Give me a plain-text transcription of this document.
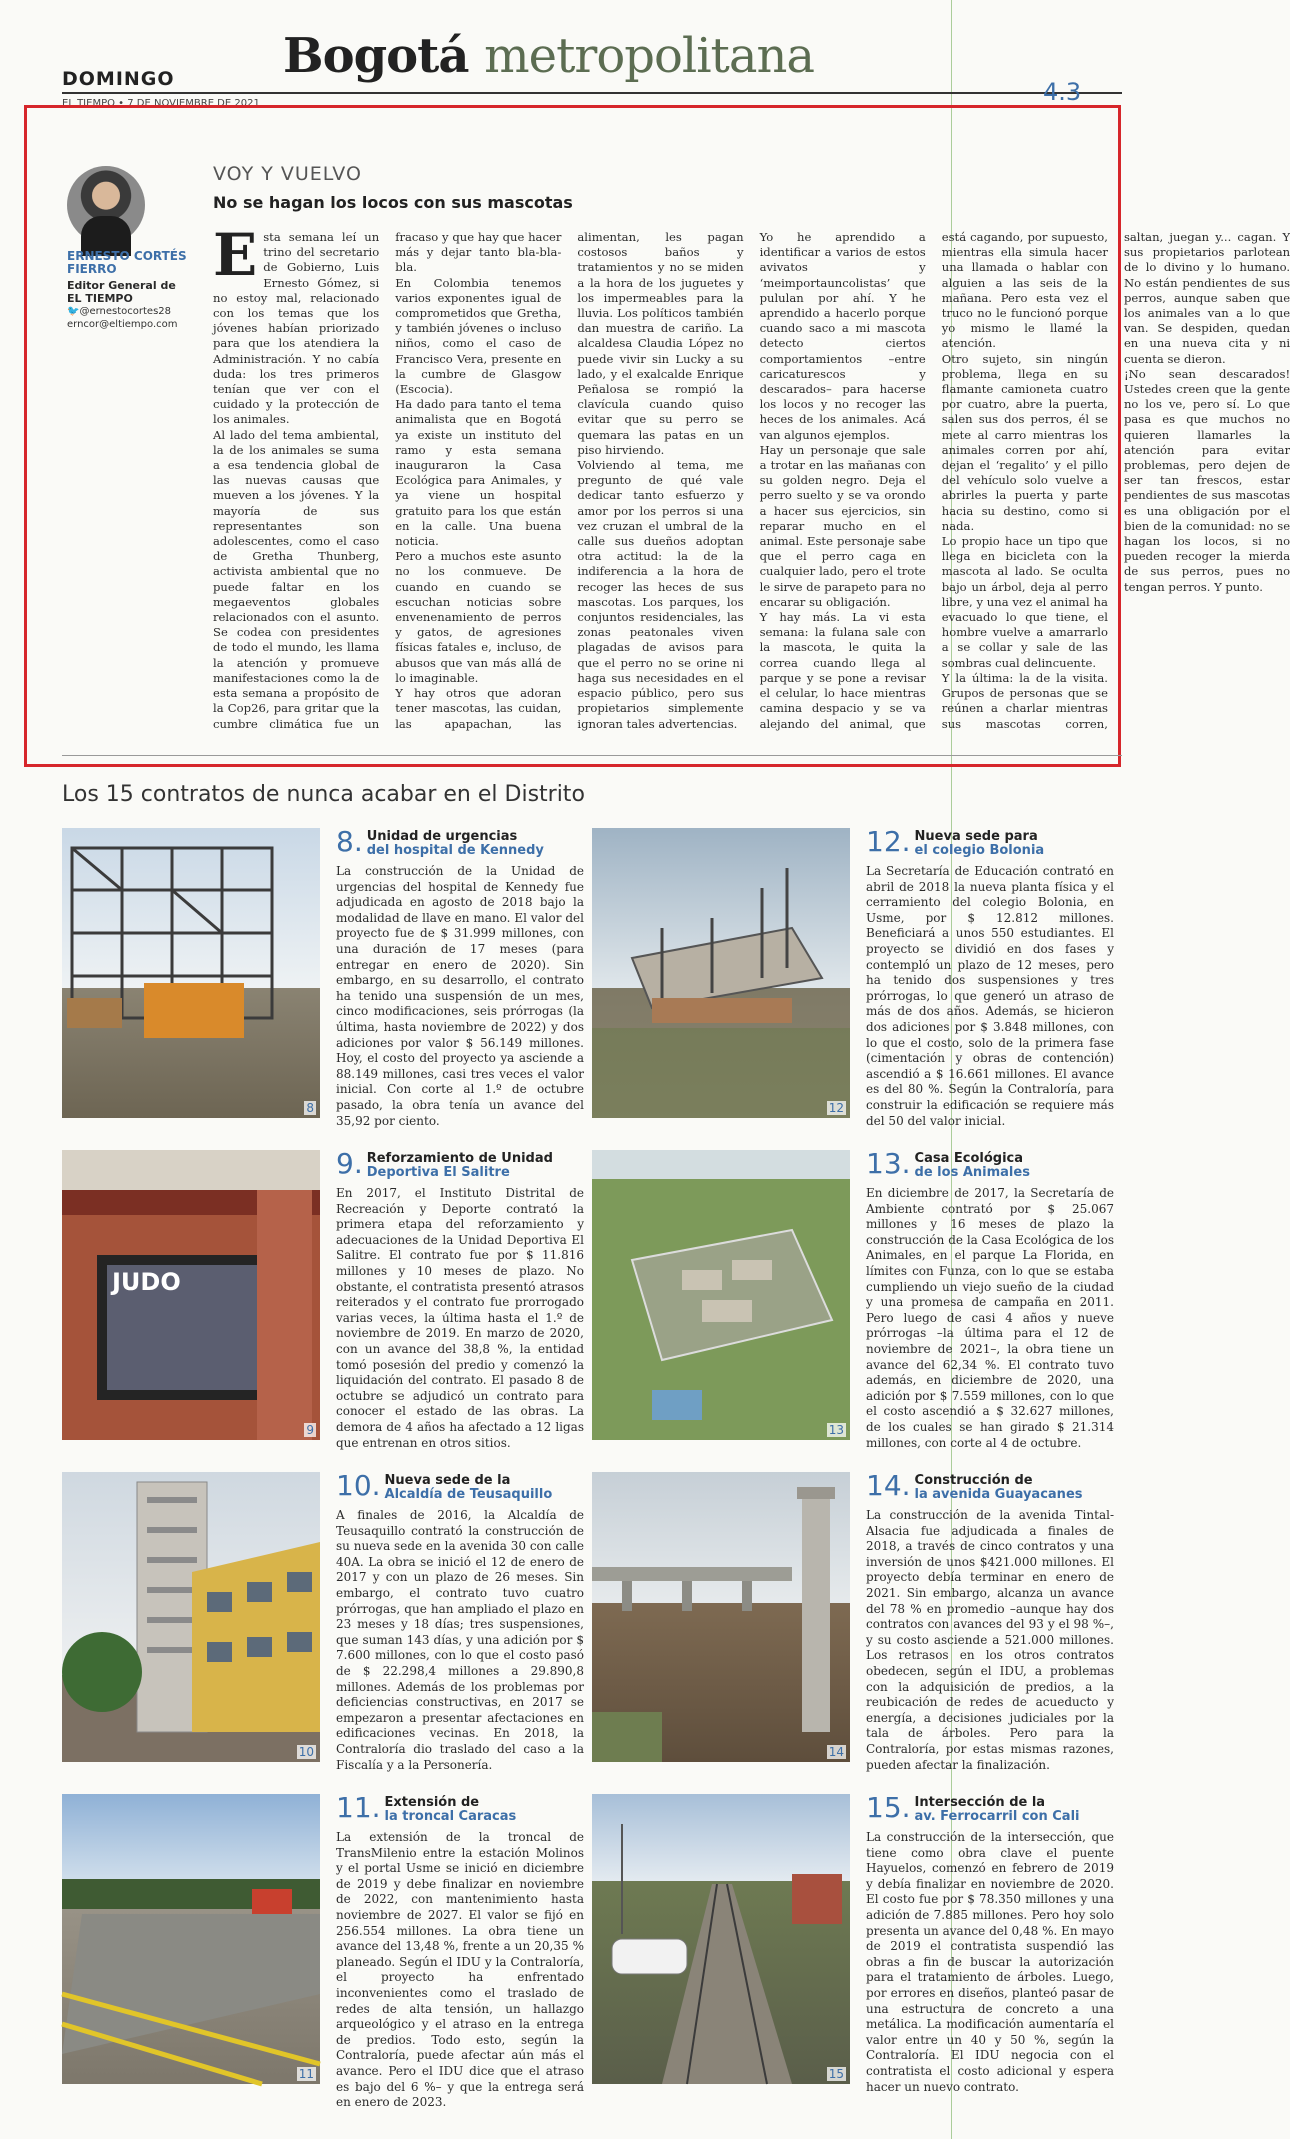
DOMINGO Bogotá metropolitana
EL TIEMPO • 7 DE NOVIEMBRE DE 2021	4.3
ERNESTO CORTÉS FIERRO
Editor General de
EL TIEMPO
🐦@ernestocortes28
erncor@eltiempo.com
VOY Y VUELVO
No se hagan los locos con sus mascotas

Esta semana leí un trino del secretario de Gobierno, Luis Ernesto Gómez, si no estoy mal, relacionado con los temas que los jóvenes habían priorizado para que los atendiera la Administración. Y no cabía duda: los tres primeros tenían que ver con el cuidado y la protección de los animales.

Al lado del tema ambiental, la de los animales se suma a esa tendencia global de las nuevas causas que mueven a los jóvenes. Y la mayoría de sus representantes son adolescentes, como el caso de Gretha Thunberg, activista ambiental que no puede faltar en los megaeventos globales relacionados con el asunto. Se codea con presidentes de todo el mundo, les llama la atención y promueve manifestaciones como la de esta semana a propósito de la Cop26, para gritar que la cumbre climática fue un fracaso y que hay que hacer más y dejar tanto bla-bla-bla.

En Colombia tenemos varios exponentes igual de comprometidos que Gretha, y también jóvenes o incluso niños, como el caso de Francisco Vera, presente en la cumbre de Glasgow (Escocia).

Ha dado para tanto el tema animalista que en Bogotá ya existe un instituto del ramo y esta semana inauguraron la Casa Ecológica para Animales, y ya viene un hospital gratuito para los que están en la calle. Una buena noticia.

Pero a muchos este asunto no los conmueve. De cuando en cuando se escuchan noticias sobre envenenamiento de perros y gatos, de agresiones físicas fatales e, incluso, de abusos que van más allá de lo imaginable.

Y hay otros que adoran tener mascotas, las cuidan, las apapachan, las alimentan, les pagan costosos baños y tratamientos y no se miden a la hora de los juguetes y los impermeables para la lluvia. Los políticos también dan muestra de cariño. La alcaldesa Claudia López no puede vivir sin Lucky a su lado, y el exalcalde Enrique Peñalosa se rompió la clavícula cuando quiso evitar que su perro se quemara las patas en un piso hirviendo.

Volviendo al tema, me pregunto de qué vale dedicar tanto esfuerzo y amor por los perros si una vez cruzan el umbral de la calle sus dueños adoptan otra actitud: la de la indiferencia a la hora de recoger las heces de sus mascotas. Los parques, los conjuntos residenciales, las zonas peatonales viven plagadas de avisos para que el perro no se orine ni haga sus necesidades en el espacio público, pero sus propietarios simplemente ignoran tales advertencias.

Yo he aprendido a identificar a varios de estos avivatos y ‘meimportauncolistas’ que pululan por ahí. Y he aprendido a hacerlo porque cuando saco a mi mascota detecto ciertos comportamientos –entre caricaturescos y descarados– para hacerse los locos y no recoger las heces de los animales. Acá van algunos ejemplos.

Hay un personaje que sale a trotar en las mañanas con su golden negro. Deja el perro suelto y se va orondo a hacer sus ejercicios, sin reparar mucho en el animal. Este personaje sabe que el perro caga en cualquier lado, pero el trote le sirve de parapeto para no encarar su obligación.

Y hay más. La vi esta semana: la fulana sale con la mascota, le quita la correa cuando llega al parque y se pone a revisar el celular, lo hace mientras camina despacio y se va alejando del animal, que está cagando, por supuesto, mientras ella simula hacer una llamada o hablar con alguien a las seis de la mañana. Pero esta vez el truco no le funcionó porque yo mismo le llamé la atención.

Otro sujeto, sin ningún problema, llega en su flamante camioneta cuatro por cuatro, abre la puerta, salen sus dos perros, él se mete al carro mientras los animales corren por ahí, dejan el ‘regalito’ y el pillo del vehículo solo vuelve a abrirles la puerta y parte hacia su destino, como si nada.

Lo propio hace un tipo que llega en bicicleta con la mascota al lado. Se oculta bajo un árbol, deja al perro libre, y una vez el animal ha evacuado lo que tiene, el hombre vuelve a amarrarlo a se collar y sale de las sombras cual delincuente.

Y la última: la de la visita. Grupos de personas que se reúnen a charlar mientras sus mascotas corren, saltan, juegan y... cagan. Y sus propietarios parlotean de lo divino y lo humano. No están pendientes de sus perros, aunque saben que los animales van a lo que van. Se despiden, quedan en una nueva cita y ni cuenta se dieron.

¡No sean descarados! Ustedes creen que la gente no los ve, pero sí. Lo que pasa es que muchos no quieren llamarles la atención para evitar problemas, pero dejen de ser tan frescos, estar pendientes de sus mascotas es una obligación por el bien de la comunidad: no se hagan los locos, si no pueden recoger la mierda de sus perros, pues no tengan perros. Y punto.

Los 15 contratos de nunca acabar en el Distrito
8
8. Unidad de urgencias
del hospital de Kennedy
La construcción de la Unidad de urgencias del hospital de Kennedy fue adjudicada en agosto de 2018 bajo la modalidad de llave en mano. El valor del proyecto fue de $ 31.999 millones, con una duración de 17 meses (para entregar en enero de 2020). Sin embargo, en su desarrollo, el contrato ha tenido una suspensión de un mes, cinco modificaciones, seis prórrogas (la última, hasta noviembre de 2022) y dos adiciones por valor $ 56.149 millones. Hoy, el costo del proyecto ya asciende a 88.149 millones, casi tres veces el valor inicial. Con corte al 1.º de octubre pasado, la obra tenía un avance del 35,92 por ciento.
12
12. Nueva sede para
el colegio Bolonia
La Secretaría de Educación contrató en abril de 2018 la nueva planta física y el cerramiento del colegio Bolonia, en Usme, por $ 12.812 millones. Beneficiará a unos 550 estudiantes. El proyecto se dividió en dos fases y contempló un plazo de 12 meses, pero ha tenido dos suspensiones y tres prórrogas, lo que generó un atraso de más de dos años. Además, se hicieron dos adiciones por $ 3.848 millones, con lo que el costo, solo de la primera fase (cimentación y obras de contención) ascendió a $ 16.661 millones. El avance es del 80 %. Según la Contraloría, para construir la edificación se requiere más del 50 del valor inicial.
JUDO
9
9. Reforzamiento de Unidad
Deportiva El Salitre
En 2017, el Instituto Distrital de Recreación y Deporte contrató la primera etapa del reforzamiento y adecuaciones de la Unidad Deportiva El Salitre. El contrato fue por $ 11.816 millones y 10 meses de plazo. No obstante, el contratista presentó atrasos reiterados y el contrato fue prorrogado varias veces, la última hasta el 1.º de noviembre de 2019. En marzo de 2020, con un avance del 38,8 %, la entidad tomó posesión del predio y comenzó la liquidación del contrato. El pasado 8 de octubre se adjudicó un contrato para conocer el estado de las obras. La demora de 4 años ha afectado a 12 ligas que entrenan en otros sitios.
13
13. Casa Ecológica
de los Animales
En diciembre de 2017, la Secretaría de Ambiente contrató por $ 25.067 millones y 16 meses de plazo la construcción de la Casa Ecológica de los Animales, en el parque La Florida, en límites con Funza, con lo que se estaba cumpliendo un viejo sueño de la ciudad y una promesa de campaña en 2011. Pero luego de casi 4 años y nueve prórrogas –la última para el 12 de noviembre de 2021–, la obra tiene un avance del 62,34 %. El contrato tuvo además, en diciembre de 2020, una adición por $ 7.559 millones, con lo que el costo ascendió a $ 32.627 millones, de los cuales se han girado $ 21.314 millones, con corte al 4 de octubre.
10
10. Nueva sede de la
Alcaldía de Teusaquillo
A finales de 2016, la Alcaldía de Teusaquillo contrató la construcción de su nueva sede en la avenida 30 con calle 40A. La obra se inició el 12 de enero de 2017 y con un plazo de 26 meses. Sin embargo, el contrato tuvo cuatro prórrogas, que han ampliado el plazo en 23 meses y 18 días; tres suspensiones, que suman 143 días, y una adición por $ 7.600 millones, con lo que el costo pasó de $ 22.298,4 millones a 29.890,8 millones. Además de los problemas por deficiencias constructivas, en 2017 se empezaron a presentar afectaciones en edificaciones vecinas. En 2018, la Contraloría dio traslado del caso a la Fiscalía y a la Personería.
14
14. Construcción de
la avenida Guayacanes
La construcción de la avenida Tintal-Alsacia fue adjudicada a finales de 2018, a través de cinco contratos y una inversión de unos $421.000 millones. El proyecto debía terminar en enero de 2021. Sin embargo, alcanza un avance del 78 % en promedio –aunque hay dos contratos con avances del 93 y el 98 %–, y su costo asciende a 521.000 millones. Los retrasos en los otros contratos obedecen, según el IDU, a problemas con la adquisición de predios, a la reubicación de redes de acueducto y energía, a decisiones judiciales por la tala de árboles. Pero para la Contraloría, por estas mismas razones, pueden afectar la finalización.
11
11. Extensión de
la troncal Caracas
La extensión de la troncal de TransMilenio entre la estación Molinos y el portal Usme se inició en diciembre de 2019 y debe finalizar en noviembre de 2022, con mantenimiento hasta noviembre de 2027. El valor se fijó en 256.554 millones. La obra tiene un avance del 13,48 %, frente a un 20,35 % planeado. Según el IDU y la Contraloría, el proyecto ha enfrentado inconvenientes como el traslado de redes de alta tensión, un hallazgo arqueológico y el atraso en la entrega de predios. Todo esto, según la Contraloría, puede afectar aún más el avance. Pero el IDU dice que el atraso es bajo del 6 %– y que la entrega será en enero de 2023.
15
15. Intersección de la
av. Ferrocarril con Cali
La construcción de la intersección, que tiene como obra clave el puente Hayuelos, comenzó en febrero de 2019 y debía finalizar en noviembre de 2020. El costo fue por $ 78.350 millones y una adición de 7.885 millones. Pero hoy solo presenta un avance del 0,48 %. En mayo de 2019 el contratista suspendió las obras a fin de buscar la autorización para el tratamiento de árboles. Luego, por errores en diseños, planteó pasar de una estructura de concreto a una metálica. La modificación aumentaría el valor entre un 40 y 50 %, según la Contraloría. El IDU negocia con el contratista el costo adicional y espera hacer un nuevo contrato.
